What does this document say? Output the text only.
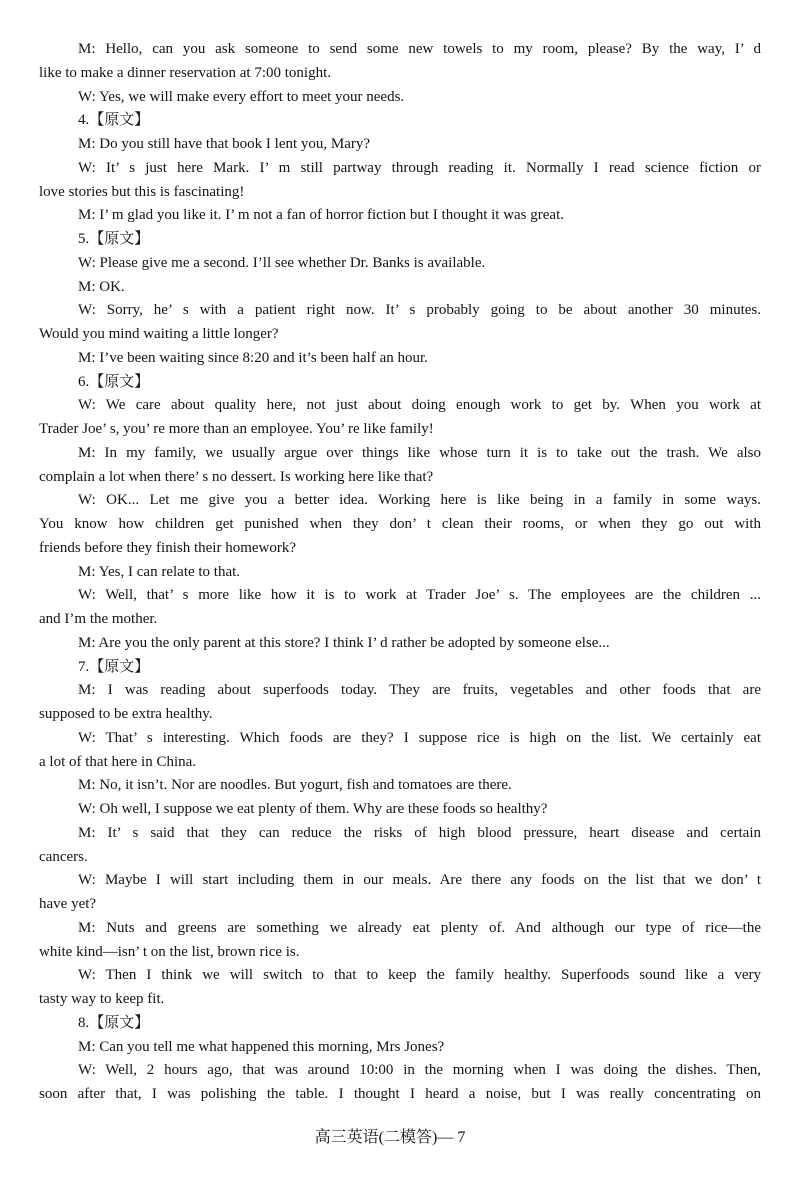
M: Hello, can you ask someone to send some new towels to my room, please? By the way, I’ d
like to make a dinner reservation at 7:00 tonight.
W: Yes, we will make every effort to meet your needs.
4.【原文】
M: Do you still have that book I lent you, Mary?
W: It’ s just here Mark. I’ m still partway through reading it. Normally I read science fiction or
love stories but this is fascinating!
M: I’ m glad you like it. I’ m not a fan of horror fiction but I thought it was great.
5.【原文】
W: Please give me a second. I’ll see whether Dr. Banks is available.
M: OK.
W: Sorry, he’ s with a patient right now. It’ s probably going to be about another 30 minutes.
Would you mind waiting a little longer?
M: I’ve been waiting since 8:20 and it’s been half an hour.
6.【原文】
W: We care about quality here, not just about doing enough work to get by. When you work at
Trader Joe’ s, you’ re more than an employee. You’ re like family!
M: In my family, we usually argue over things like whose turn it is to take out the trash. We also
complain a lot when there’ s no dessert. Is working here like that?
W: OK... Let me give you a better idea. Working here is like being in a family in some ways.
You know how children get punished when they don’ t clean their rooms, or when they go out with
friends before they finish their homework?
M: Yes, I can relate to that.
W: Well, that’ s more like how it is to work at Trader Joe’ s. The employees are the children ...
and I’m the mother.
M: Are you the only parent at this store? I think I’ d rather be adopted by someone else...
7.【原文】
M: I was reading about superfoods today. They are fruits, vegetables and other foods that are
supposed to be extra healthy.
W: That’ s interesting. Which foods are they? I suppose rice is high on the list. We certainly eat
a lot of that here in China.
M: No, it isn’t. Nor are noodles. But yogurt, fish and tomatoes are there.
W: Oh well, I suppose we eat plenty of them. Why are these foods so healthy?
M: It’ s said that they can reduce the risks of high blood pressure, heart disease and certain
cancers.
W: Maybe I will start including them in our meals. Are there any foods on the list that we don’ t
have yet?
M: Nuts and greens are something we already eat plenty of. And although our type of rice—the
white kind—isn’ t on the list, brown rice is.
W: Then I think we will switch to that to keep the family healthy. Superfoods sound like a very
tasty way to keep fit.
8.【原文】
M: Can you tell me what happened this morning, Mrs Jones?
W: Well, 2 hours ago, that was around 10:00 in the morning when I was doing the dishes. Then,
soon after that, I was polishing the table. I thought I heard a noise, but I was really concentrating on
高三英语(二模答)— 7
